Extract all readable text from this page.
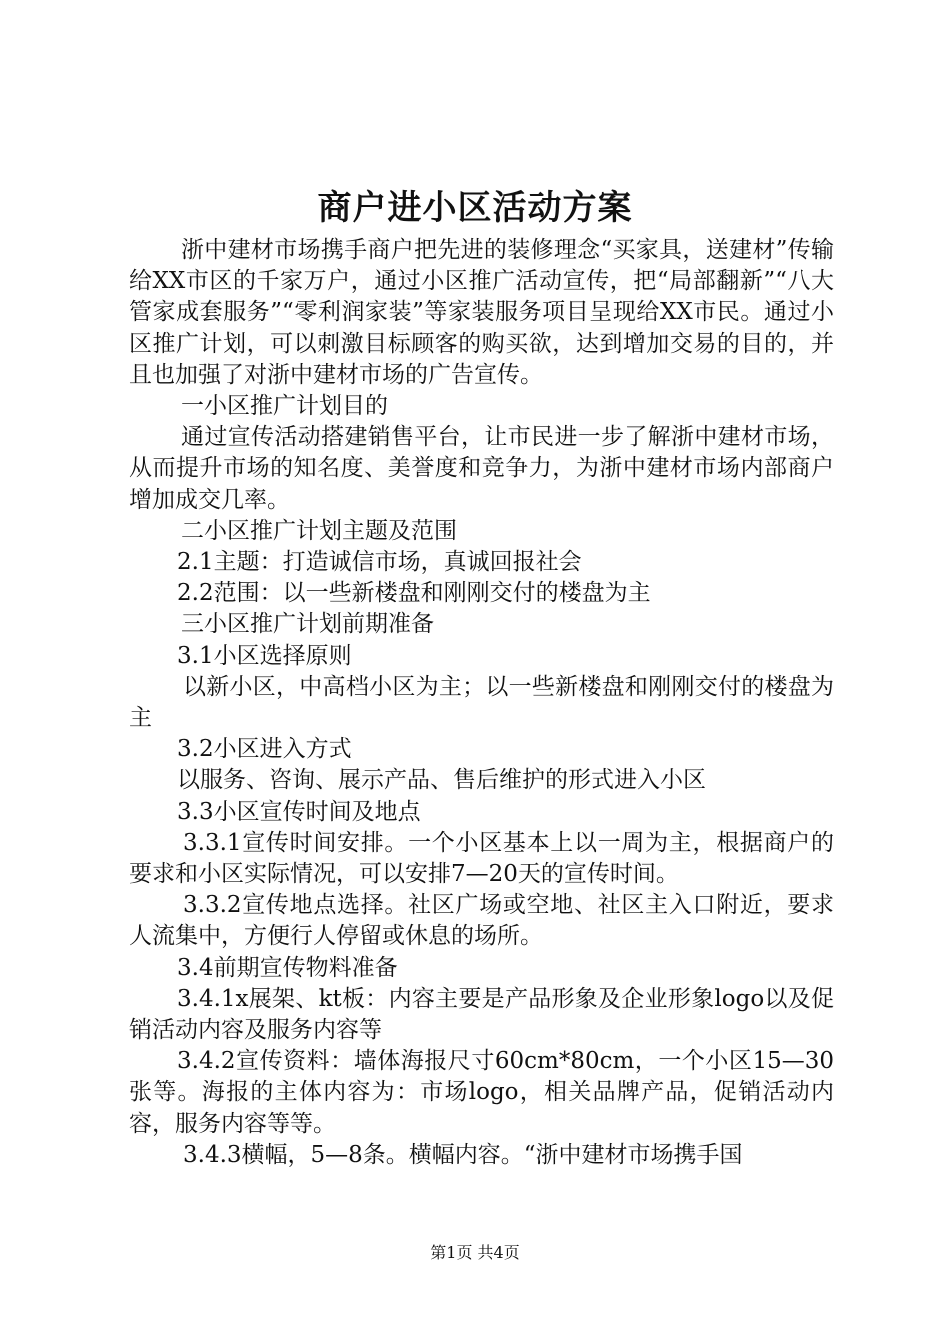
商户进小区活动方案

浙中建材市场携手商户把先进的装修理念“买家具，送建材”传输给XX市区的千家万户，通过小区推广活动宣传，把“局部翻新”“八大管家成套服务”“零利润家装”等家装服务项目呈现给XX市民。通过小区推广计划，可以刺激目标顾客的购买欲，达到增加交易的目的，并且也加强了对浙中建材市场的广告宣传。

一小区推广计划目的

通过宣传活动搭建销售平台，让市民进一步了解浙中建材市场，从而提升市场的知名度、美誉度和竞争力，为浙中建材市场内部商户增加成交几率。

二小区推广计划主题及范围

2.1主题：打造诚信市场，真诚回报社会

2.2范围：以一些新楼盘和刚刚交付的楼盘为主

三小区推广计划前期准备

3.1小区选择原则

以新小区，中高档小区为主；以一些新楼盘和刚刚交付的楼盘为主

3.2小区进入方式

以服务、咨询、展示产品、售后维护的形式进入小区

3.3小区宣传时间及地点

3.3.1宣传时间安排。一个小区基本上以一周为主，根据商户的要求和小区实际情况，可以安排7—20天的宣传时间。

3.3.2宣传地点选择。社区广场或空地、社区主入口附近，要求人流集中，方便行人停留或休息的场所。

3.4前期宣传物料准备

3.4.1x展架、kt板：内容主要是产品形象及企业形象logo以及促销活动内容及服务内容等

3.4.2宣传资料：墙体海报尺寸60cm*80cm，一个小区15—30张等。海报的主体内容为：市场logo，相关品牌产品，促销活动内容，服务内容等等。

3.4.3横幅，5—8条。横幅内容。“浙中建材市场携手国

第1页 共4页
